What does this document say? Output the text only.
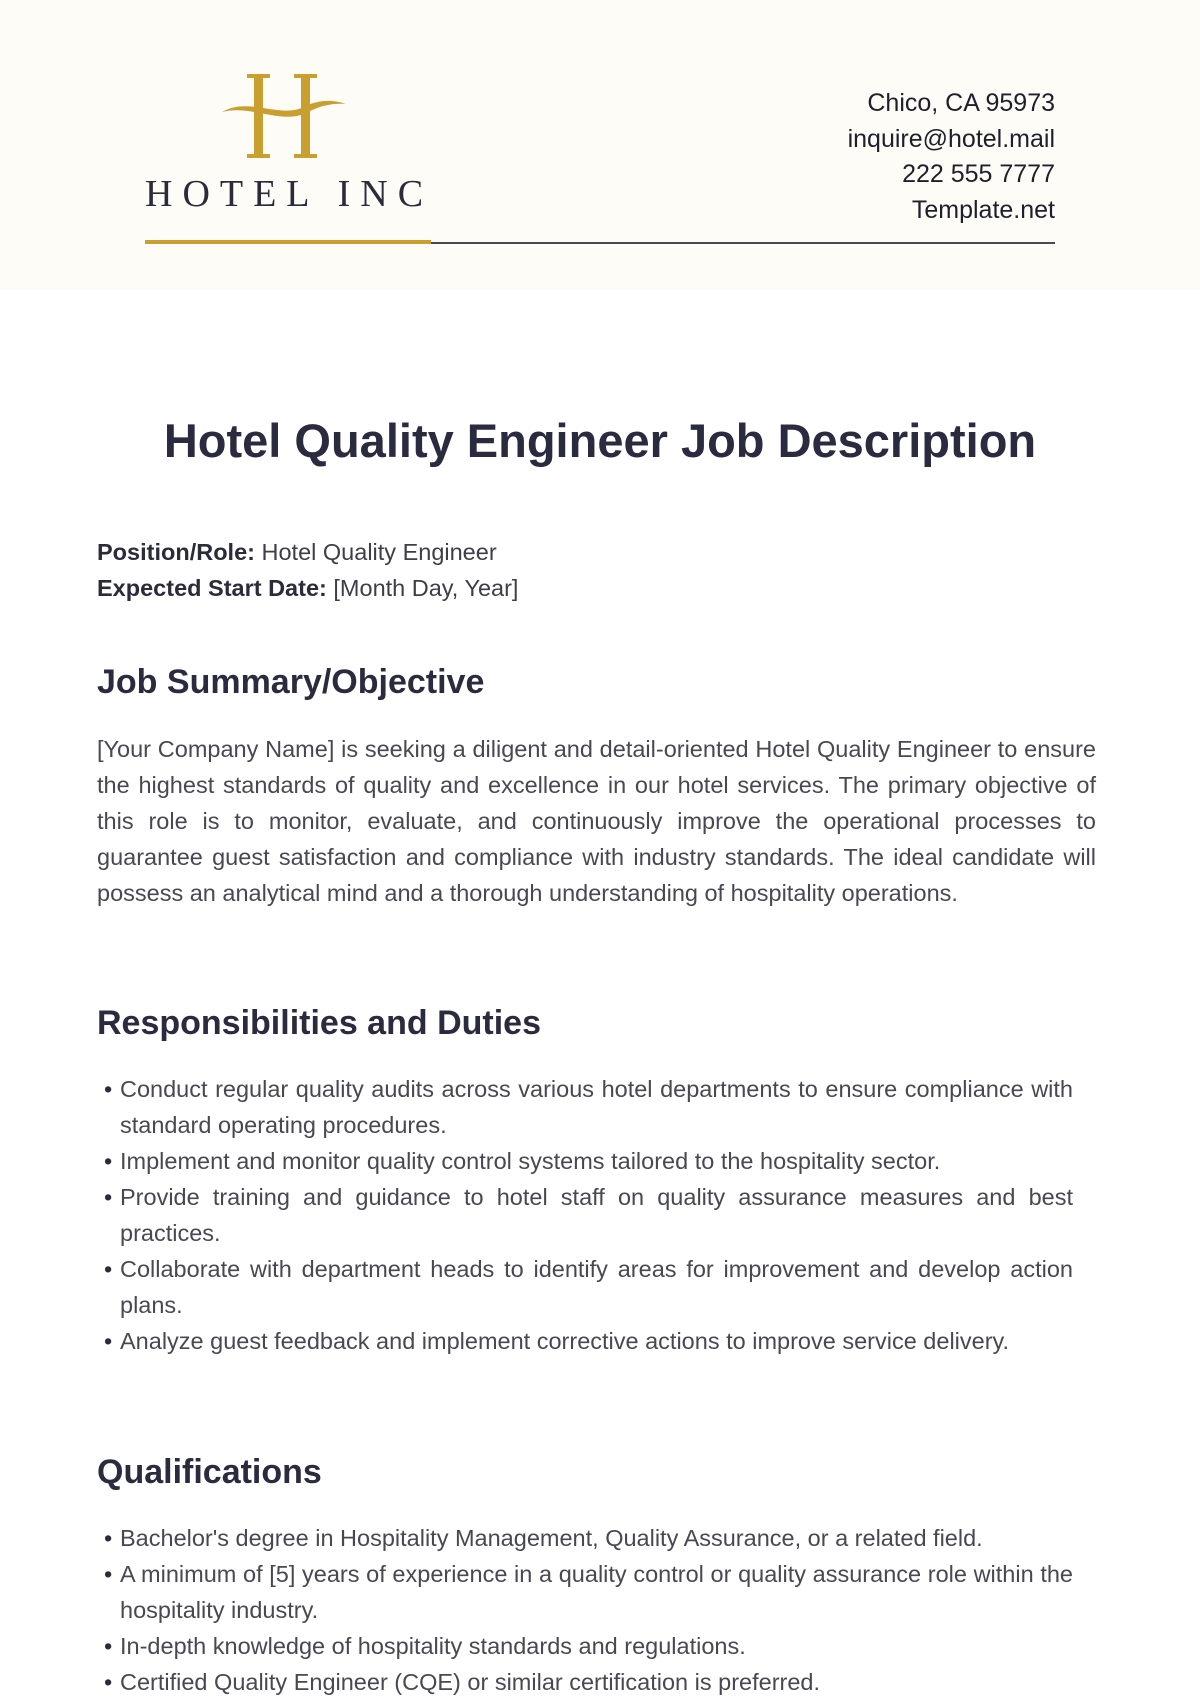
HOTEL INC
Chico, CA 95973
inquire@hotel.mail
222 555 7777
Template.net
Hotel Quality Engineer Job Description
Position/Role: Hotel Quality Engineer
Expected Start Date: [Month Day, Year]
Job Summary/Objective

[Your Company Name] is seeking a diligent and detail-oriented Hotel Quality Engineer to ensure the highest standards of quality and excellence in our hotel services. The primary objective of this role is to monitor, evaluate, and continuously improve the operational processes to guarantee guest satisfaction and compliance with industry standards. The ideal candidate will possess an analytical mind and a thorough understanding of hospitality operations.

Responsibilities and Duties
• Conduct regular quality audits across various hotel departments to ensure compliance with standard operating procedures.
• Implement and monitor quality control systems tailored to the hospitality sector.
• Provide training and guidance to hotel staff on quality assurance measures and best practices.
• Collaborate with department heads to identify areas for improvement and develop action plans.
• Analyze guest feedback and implement corrective actions to improve service delivery.
Qualifications
• Bachelor's degree in Hospitality Management, Quality Assurance, or a related field.
• A minimum of [5] years of experience in a quality control or quality assurance role within the hospitality industry.
• In-depth knowledge of hospitality standards and regulations.
• Certified Quality Engineer (CQE) or similar certification is preferred.
